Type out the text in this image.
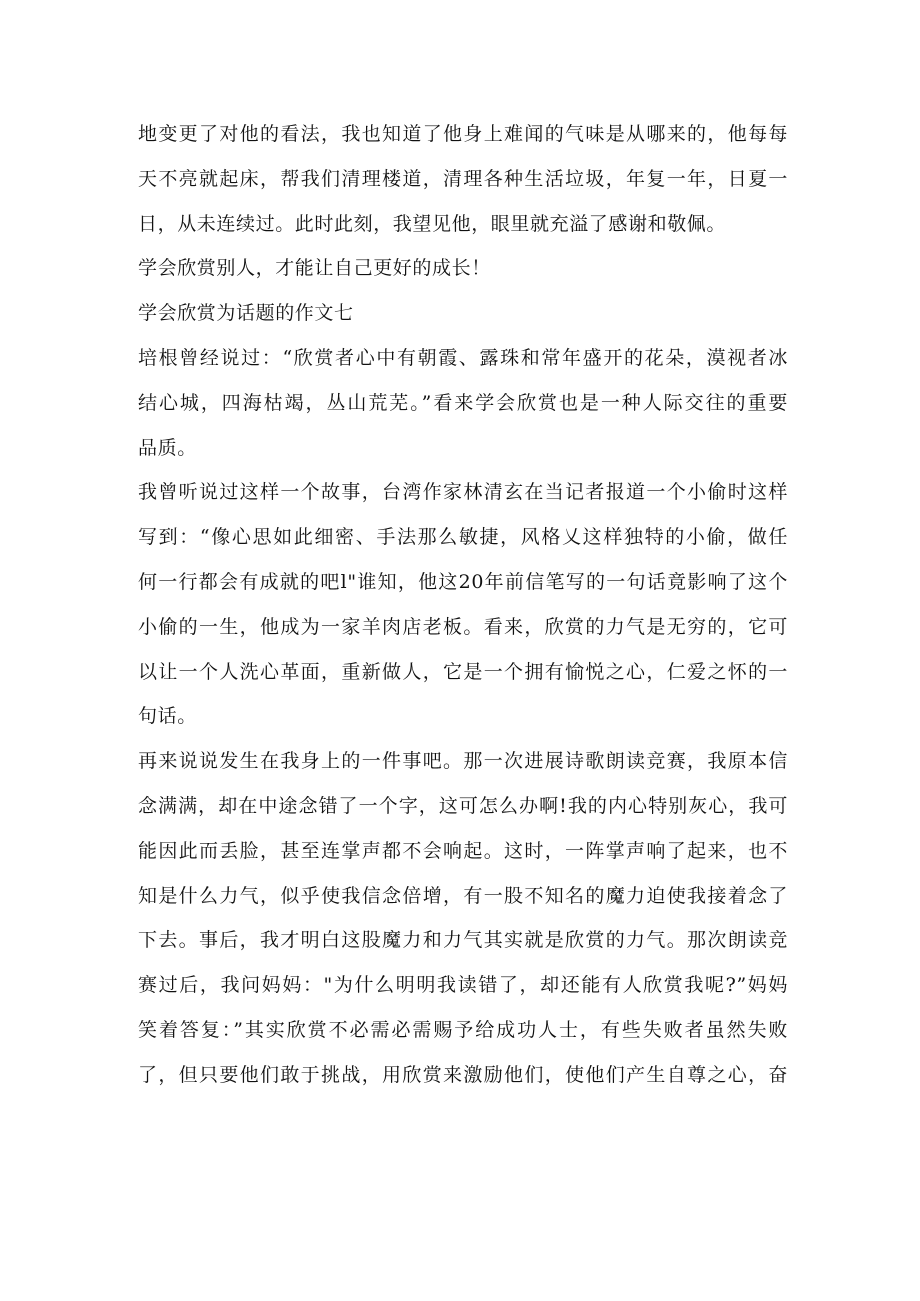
地变更了对他的看法，我也知道了他身上难闻的气味是从哪来的，他每每
天不亮就起床，帮我们清理楼道，清理各种生活垃圾，年复一年，日夏一
日，从未连续过。此时此刻，我望见他，眼里就充溢了感谢和敬佩。
学会欣赏别人，才能让自己更好的成长！
学会欣赏为话题的作文七
培根曾经说过：“欣赏者心中有朝霞、露珠和常年盛开的花朵，漠视者冰
结心城，四海枯竭，丛山荒芜。”看来学会欣赏也是一种人际交往的重要
品质。
我曾听说过这样一个故事，台湾作家林清玄在当记者报道一个小偷时这样
写到：“像心思如此细密、手法那么敏捷，风格乂这样独特的小偷，做任
何一行都会有成就的吧l"谁知，他这20年前信笔写的一句话竟影响了这个
小偷的一生，他成为一家羊肉店老板。看来，欣赏的力气是无穷的，它可
以让一个人洗心革面，重新做人，它是一个拥有愉悦之心，仁爱之怀的一
句话。
再来说说发生在我身上的一件事吧。那一次进展诗歌朗读竞赛，我原本信
念满满，却在中途念错了一个字，这可怎么办啊!我的内心特别灰心，我可
能因此而丢脸，甚至连掌声都不会响起。这时，一阵掌声响了起来，也不
知是什么力气，似乎使我信念倍增，有一股不知名的魔力迫使我接着念了
下去。事后，我才明白这股魔力和力气其实就是欣赏的力气。那次朗读竞
赛过后，我问妈妈："为什么明明我读错了，却还能有人欣赏我呢?”妈妈
笑着答复：”其实欣赏不必需必需赐予给成功人士，有些失败者虽然失败
了，但只要他们敢于挑战，用欣赏来激励他们，使他们产生自尊之心，奋
